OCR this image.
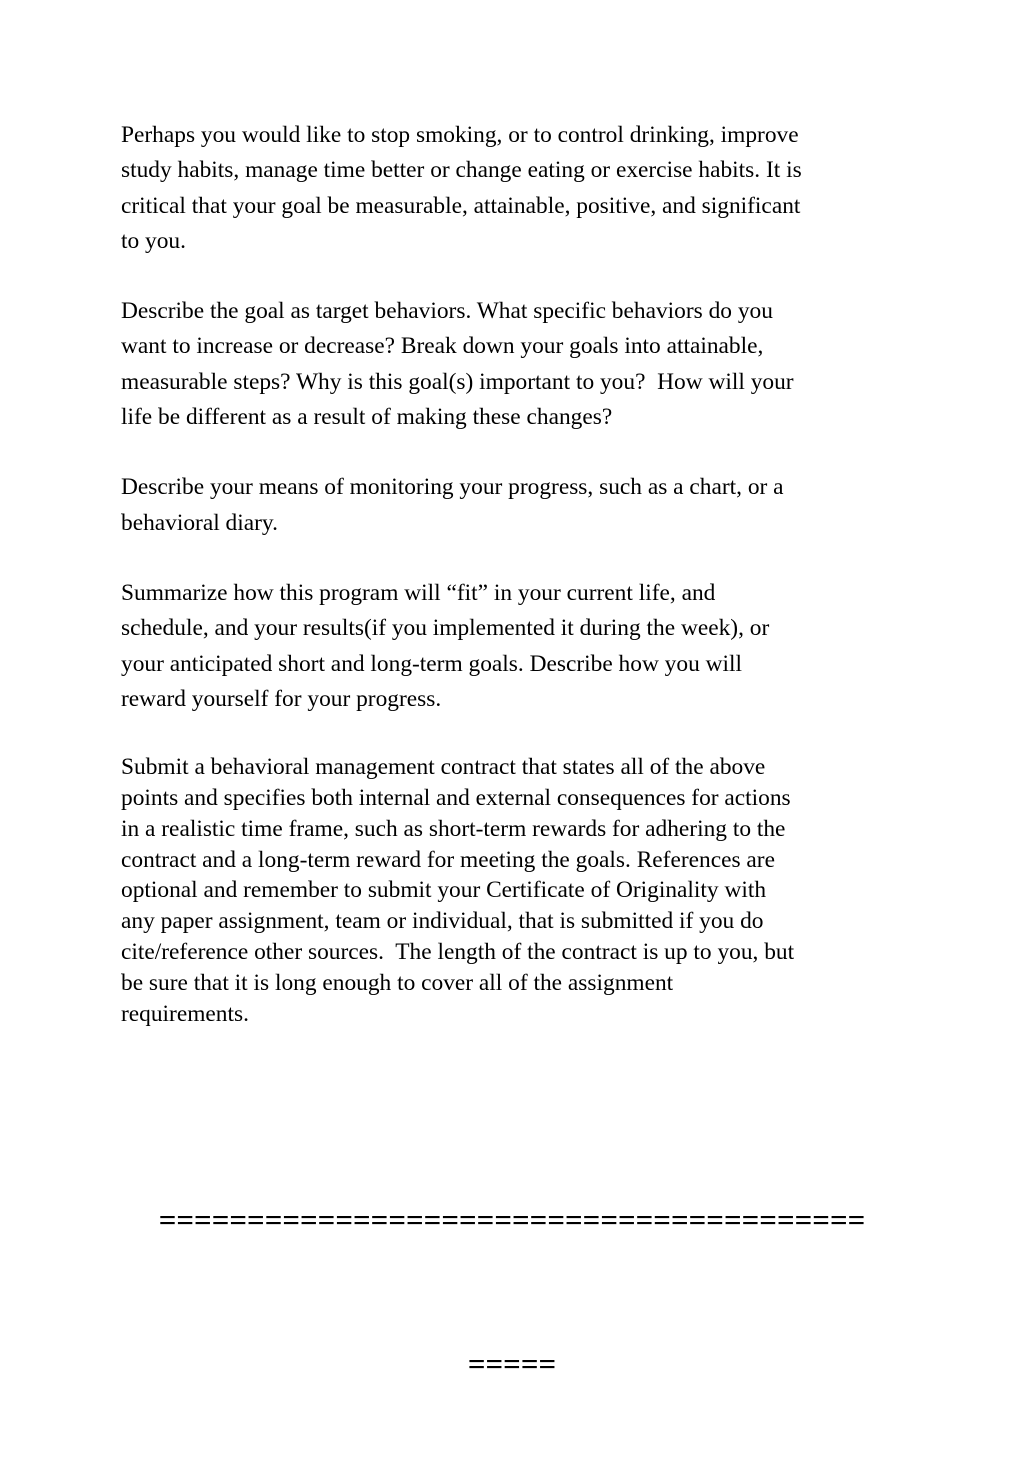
Perhaps you would like to stop smoking, or to control drinking, improve
study habits, manage time better or change eating or exercise habits. It is
critical that your goal be measurable, attainable, positive, and significant
to you.

Describe the goal as target behaviors. What specific behaviors do you
want to increase or decrease? Break down your goals into attainable,
measurable steps? Why is this goal(s) important to you?  How will your
life be different as a result of making these changes?

Describe your means of monitoring your progress, such as a chart, or a
behavioral diary.

Summarize how this program will “fit” in your current life, and
schedule, and your results(if you implemented it during the week), or
your anticipated short and long-term goals. Describe how you will
reward yourself for your progress.

Submit a behavioral management contract that states all of the above
points and specifies both internal and external consequences for actions
in a realistic time frame, such as short-term rewards for adhering to the
contract and a long-term reward for meeting the goals. References are
optional and remember to submit your Certificate of Originality with
any paper assignment, team or individual, that is submitted if you do
cite/reference other sources.  The length of the contract is up to you, but
be sure that it is long enough to cover all of the assignment
requirements.

========================================

=====
